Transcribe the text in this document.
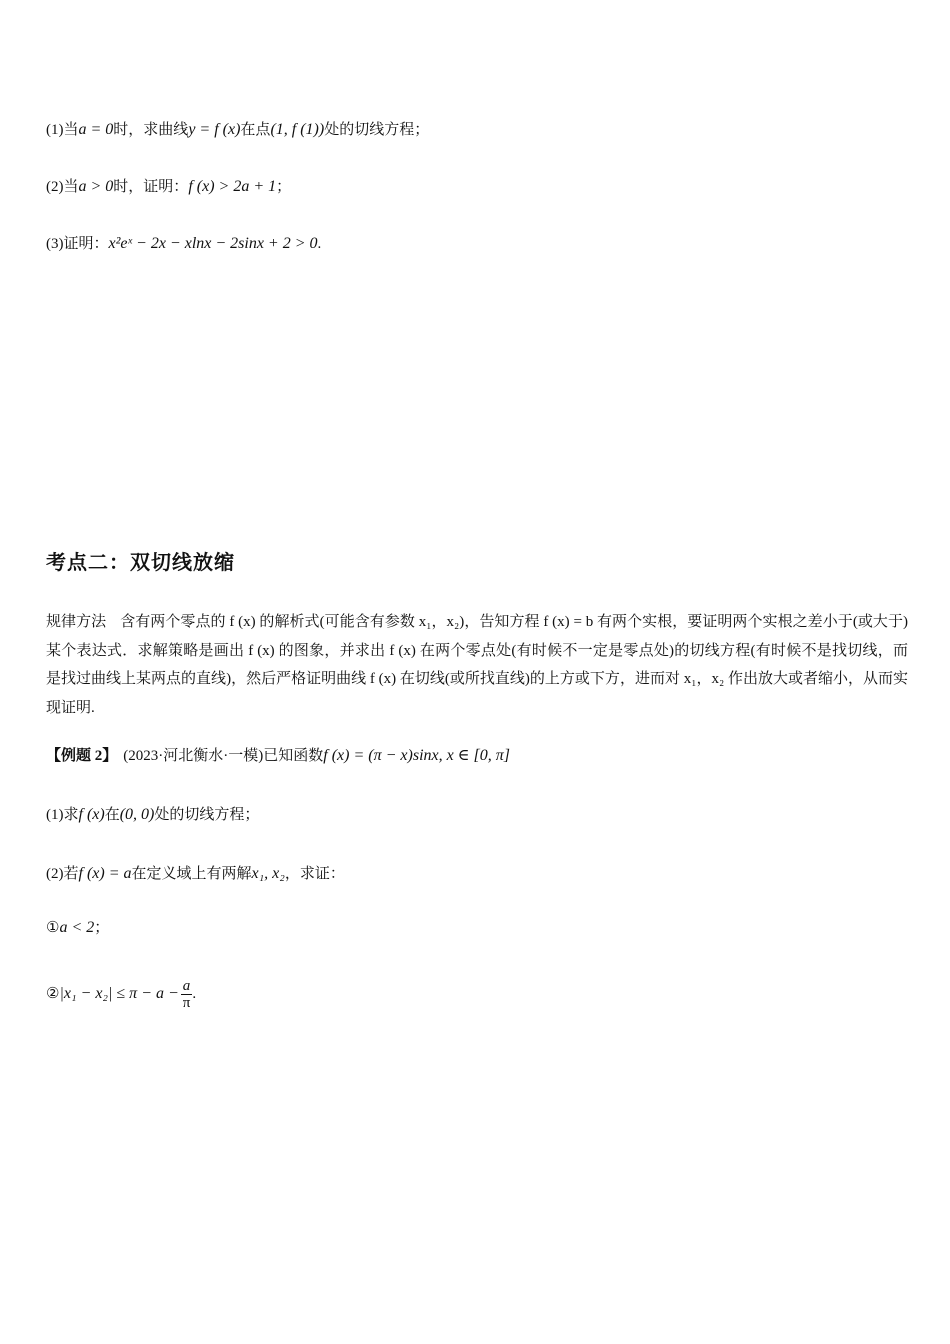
(1)当a = 0时，求曲线y = f (x)在点(1, f (1))处的切线方程；
(2)当a > 0时，证明：f (x) > 2a + 1；
(3)证明：x²eˣ − 2x − xlnx − 2sinx + 2 > 0.
考点二：双切线放缩
规律方法 含有两个零点的 f (x) 的解析式(可能含有参数 x₁，x₂)，告知方程 f (x) = b 有两个实根，要证明两个实根之差小于(或大于)某个表达式．求解策略是画出 f (x) 的图象，并求出 f (x) 在两个零点处(有时候不一定是零点处)的切线方程(有时候不是找切线，而是找过曲线上某两点的直线)，然后严格证明曲线 f (x) 在切线(或所找直线)的上方或下方，进而对 x₁，x₂ 作出放大或者缩小，从而实现证明.
【例题 2】 (2023·河北衡水·一模)已知函数f (x) = (π − x)sinx, x ∈ [0, π]
(1)求f (x)在(0, 0)处的切线方程；
(2)若f (x) = a在定义域上有两解x₁, x₂，求证：
①a < 2；
②|x₁ − $x_2| \le \pi - a - \frac{a}{\pi}$ .
